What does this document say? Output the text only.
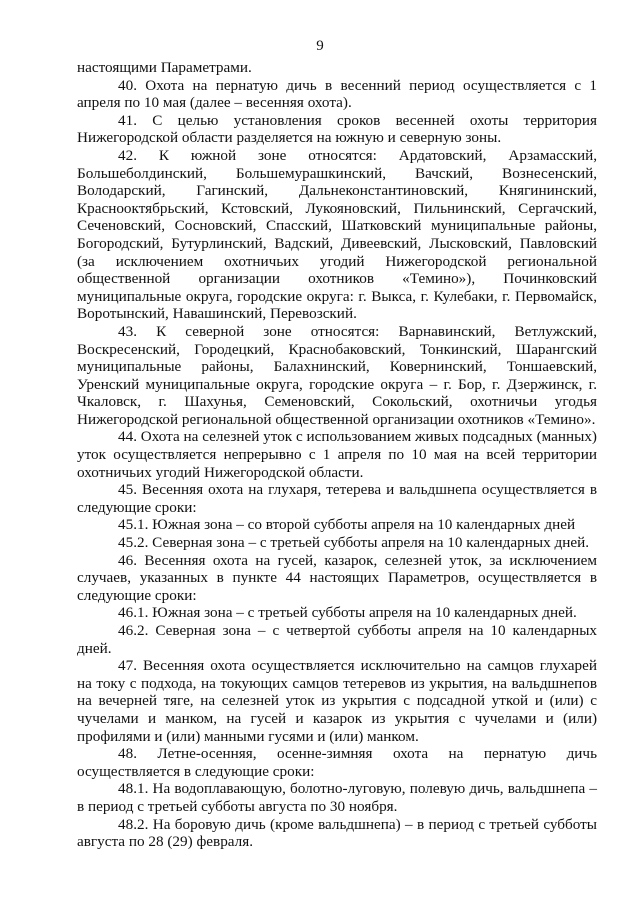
9

настоящими Параметрами.

40. Охота на пернатую дичь в весенний период осуществляется с 1 апреля по 10 мая (далее – весенняя охота).

41. С целью установления сроков весенней охоты территория Нижегородской области разделяется на южную и северную зоны.

42. К южной зоне относятся: Ардатовский, Арзамасский, Большеболдинский, Большемурашкинский, Вачский, Вознесенский, Володарский, Гагинский, Дальнеконстантиновский, Княгининский, Краснооктябрьский, Кстовский, Лукояновский, Пильнинский, Сергачский, Сеченовский, Сосновский, Спасский, Шатковский муниципальные районы, Богородский, Бутурлинский, Вадский, Дивеевский, Лысковский, Павловский (за исключением охотничьих угодий Нижегородской региональной общественной организации охотников «Темино»), Починковский муниципальные округа, городские округа: г. Выкса, г. Кулебаки, г. Первомайск, Воротынский, Навашинский, Перевозский.

43. К северной зоне относятся: Варнавинский, Ветлужский, Воскресенский, Городецкий, Краснобаковский, Тонкинский, Шарангский муниципальные районы, Балахнинский, Ковернинский, Тоншаевский, Уренский муниципальные округа, городские округа – г. Бор, г. Дзержинск, г. Чкаловск, г. Шахунья, Семеновский, Сокольский, охотничьи угодья Нижегородской региональной общественной организации охотников «Темино».

44. Охота на селезней уток с использованием живых подсадных (манных) уток осуществляется непрерывно с 1 апреля по 10 мая на всей территории охотничьих угодий Нижегородской области.

45. Весенняя охота на глухаря, тетерева и вальдшнепа осуществляется в следующие сроки:

45.1. Южная зона – со второй субботы апреля на 10 календарных дней

45.2. Северная зона – с третьей субботы апреля на 10 календарных дней.

46. Весенняя охота на гусей, казарок, селезней уток, за исключением случаев, указанных в пункте 44 настоящих Параметров, осуществляется в следующие сроки:

46.1. Южная зона – с третьей субботы апреля на 10 календарных дней.

46.2. Северная зона – с четвертой субботы апреля на 10 календарных дней.

47. Весенняя охота осуществляется исключительно на самцов глухарей на току с подхода, на токующих самцов тетеревов из укрытия, на вальдшнепов на вечерней тяге, на селезней уток из укрытия с подсадной уткой и (или) с чучелами и манком, на гусей и казарок из укрытия с чучелами и (или) профилями и (или) манными гусями и (или) манком.

48. Летне-осенняя, осенне-зимняя охота на пернатую дичь осуществляется в следующие сроки:

48.1. На водоплавающую, болотно-луговую, полевую дичь, вальдшнепа – в период с третьей субботы августа по 30 ноября.

48.2. На боровую дичь (кроме вальдшнепа) – в период с третьей субботы августа по 28 (29) февраля.
